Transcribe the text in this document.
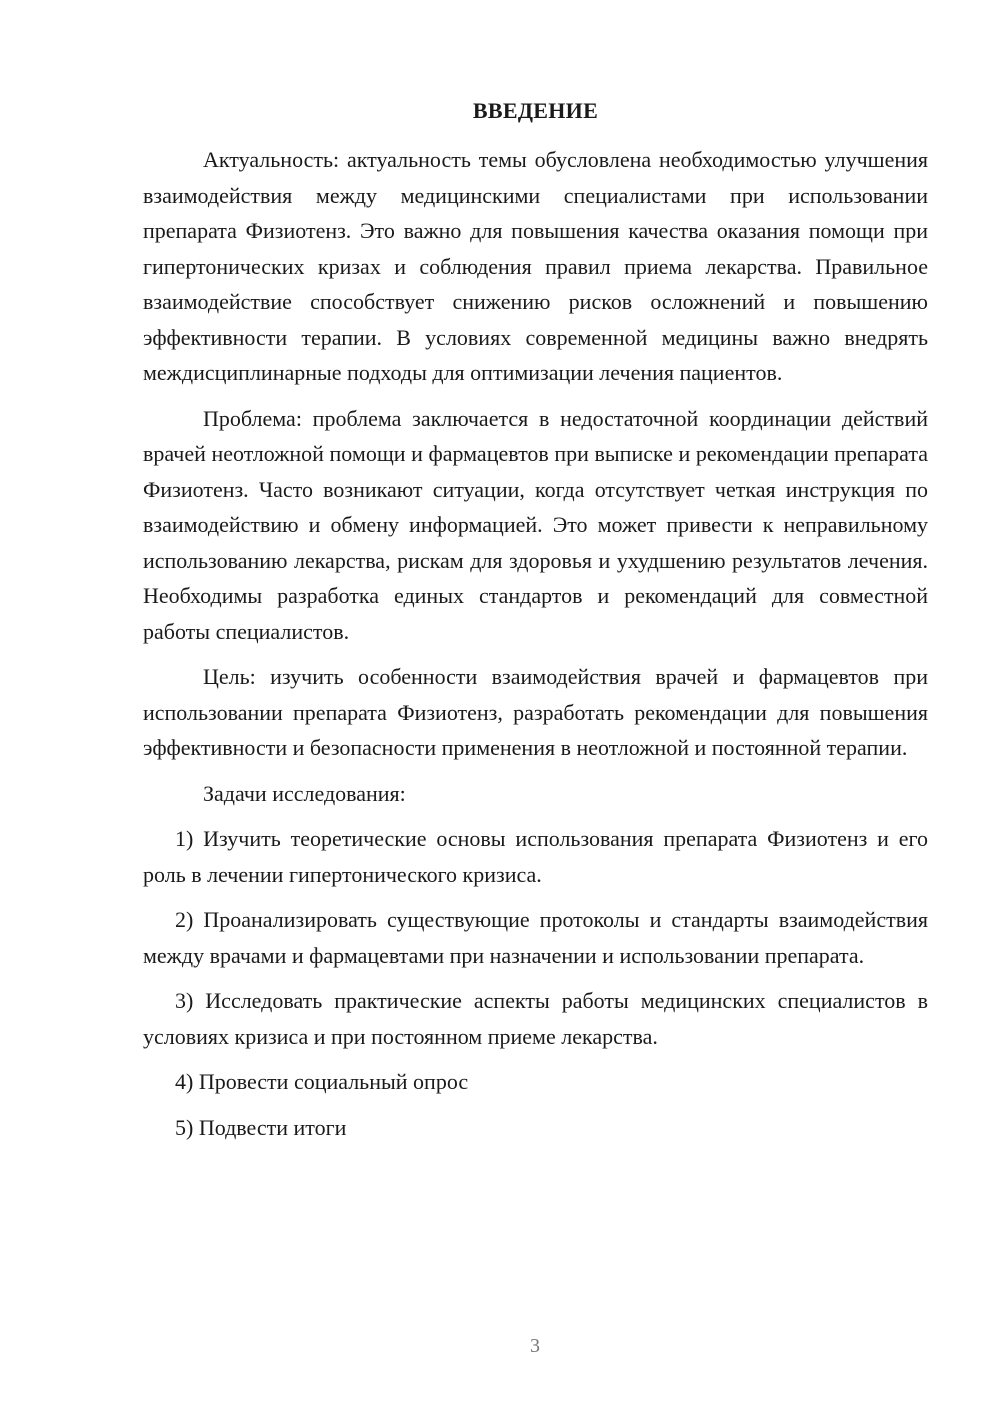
ВВЕДЕНИЕ

Актуальность: актуальность темы обусловлена необходимостью улучшения взаимодействия между медицинскими специалистами при использовании препарата Физиотенз. Это важно для повышения качества оказания помощи при гипертонических кризах и соблюдения правил приема лекарства. Правильное взаимодействие способствует снижению рисков осложнений и повышению эффективности терапии. В условиях современной медицины важно внедрять междисциплинарные подходы для оптимизации лечения пациентов.

Проблема: проблема заключается в недостаточной координации действий врачей неотложной помощи и фармацевтов при выписке и рекомендации препарата Физиотенз. Часто возникают ситуации, когда отсутствует четкая инструкция по взаимодействию и обмену информацией. Это может привести к неправильному использованию лекарства, рискам для здоровья и ухудшению результатов лечения. Необходимы разработка единых стандартов и рекомендаций для совместной работы специалистов.

Цель: изучить особенности взаимодействия врачей и фармацевтов при использовании препарата Физиотенз, разработать рекомендации для повышения эффективности и безопасности применения в неотложной и постоянной терапии.

Задачи исследования:

1) Изучить теоретические основы использования препарата Физиотенз и его роль в лечении гипертонического кризиса.

2) Проанализировать существующие протоколы и стандарты взаимодействия между врачами и фармацевтами при назначении и использовании препарата.

3) Исследовать практические аспекты работы медицинских специалистов в условиях кризиса и при постоянном приеме лекарства.

4) Провести социальный опрос

5) Подвести итоги

3
